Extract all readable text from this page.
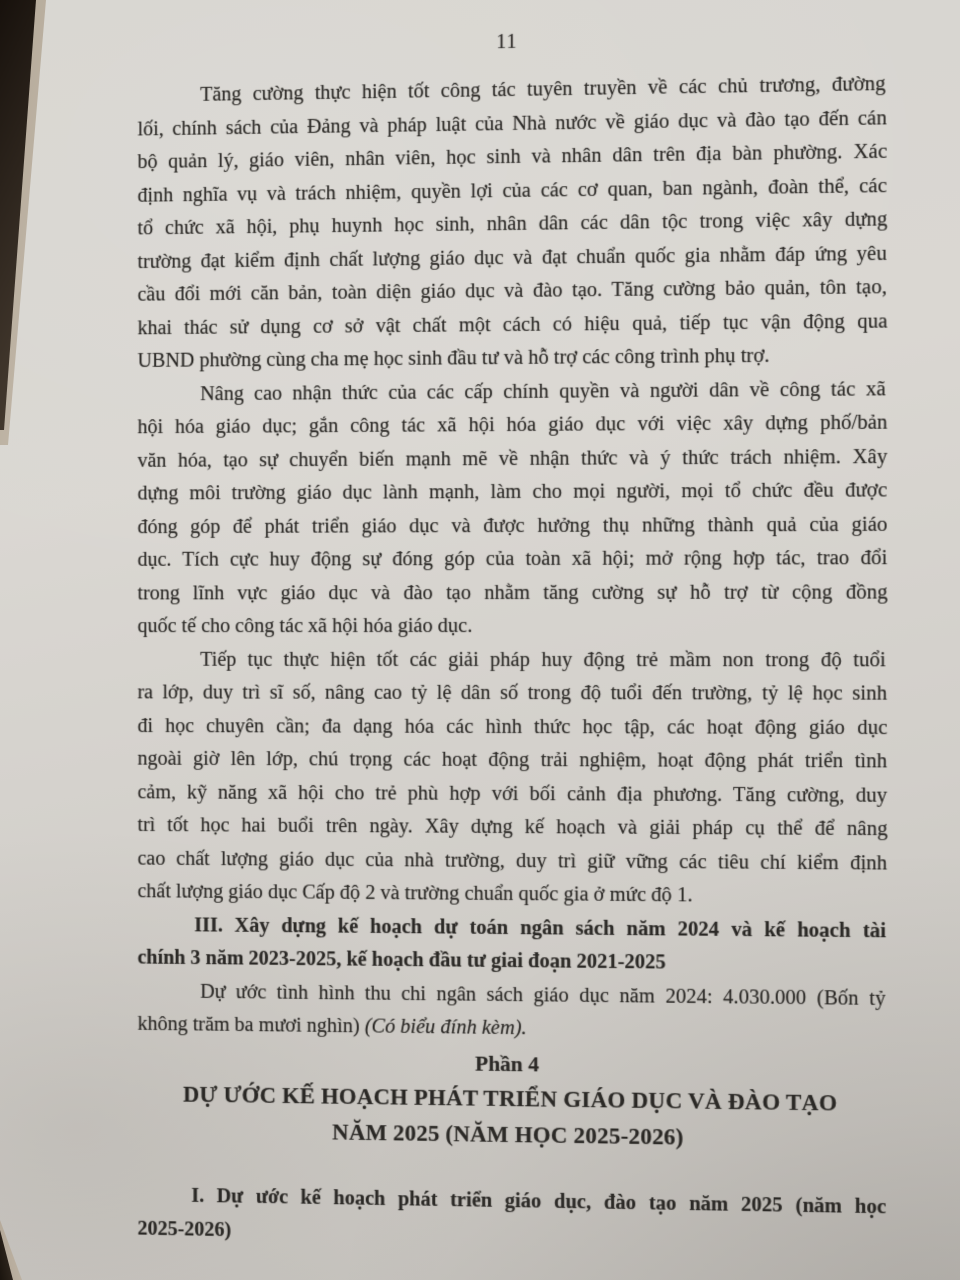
11
Tăng cường thực hiện tốt công tác tuyên truyền về các chủ trương, đường
lối, chính sách của Đảng và pháp luật của Nhà nước về giáo dục và đào tạo đến cán
bộ quản lý, giáo viên, nhân viên, học sinh và nhân dân trên địa bàn phường. Xác
định nghĩa vụ và trách nhiệm, quyền lợi của các cơ quan, ban ngành, đoàn thể, các
tổ chức xã hội, phụ huynh học sinh, nhân dân các dân tộc trong việc xây dựng
trường đạt kiểm định chất lượng giáo dục và đạt chuẩn quốc gia nhằm đáp ứng yêu
cầu đổi mới căn bản, toàn diện giáo dục và đào tạo. Tăng cường bảo quản, tôn tạo,
khai thác sử dụng cơ sở vật chất một cách có hiệu quả, tiếp tục vận động qua
UBND phường cùng cha mẹ học sinh đầu tư và hỗ trợ các công trình phụ trợ.
Nâng cao nhận thức của các cấp chính quyền và người dân về công tác xã
hội hóa giáo dục; gắn công tác xã hội hóa giáo dục với việc xây dựng phố/bản
văn hóa, tạo sự chuyển biến mạnh mẽ về nhận thức và ý thức trách nhiệm. Xây
dựng môi trường giáo dục lành mạnh, làm cho mọi người, mọi tổ chức đều được
đóng góp để phát triển giáo dục và được hưởng thụ những thành quả của giáo
dục. Tích cực huy động sự đóng góp của toàn xã hội; mở rộng hợp tác, trao đổi
trong lĩnh vực giáo dục và đào tạo nhằm tăng cường sự hỗ trợ từ cộng đồng
quốc tế cho công tác xã hội hóa giáo dục.
Tiếp tục thực hiện tốt các giải pháp huy động trẻ mầm non trong độ tuổi
ra lớp, duy trì sĩ số, nâng cao tỷ lệ dân số trong độ tuổi đến trường, tỷ lệ học sinh
đi học chuyên cần; đa dạng hóa các hình thức học tập, các hoạt động giáo dục
ngoài giờ lên lớp, chú trọng các hoạt động trải nghiệm, hoạt động phát triển tình
cảm, kỹ năng xã hội cho trẻ phù hợp với bối cảnh địa phương. Tăng cường, duy
trì tốt học hai buổi trên ngày. Xây dựng kế hoạch và giải pháp cụ thể để nâng
cao chất lượng giáo dục của nhà trường, duy trì giữ vững các tiêu chí kiểm định
chất lượng giáo dục Cấp độ 2 và trường chuẩn quốc gia ở mức độ 1.
III. Xây dựng kế hoạch dự toán ngân sách năm 2024 và kế hoạch tài
chính 3 năm 2023-2025, kế hoạch đầu tư giai đoạn 2021-2025
Dự ước tình hình thu chi ngân sách giáo dục năm 2024: 4.030.000 (Bốn tỷ
không trăm ba mươi nghìn) (Có biểu đính kèm).
Phần 4
DỰ ƯỚC KẾ HOẠCH PHÁT TRIỂN GIÁO DỤC VÀ ĐÀO TẠO
NĂM 2025 (NĂM HỌC 2025-2026)
I. Dự ước kế hoạch phát triển giáo dục, đào tạo năm 2025 (năm học
2025-2026)
